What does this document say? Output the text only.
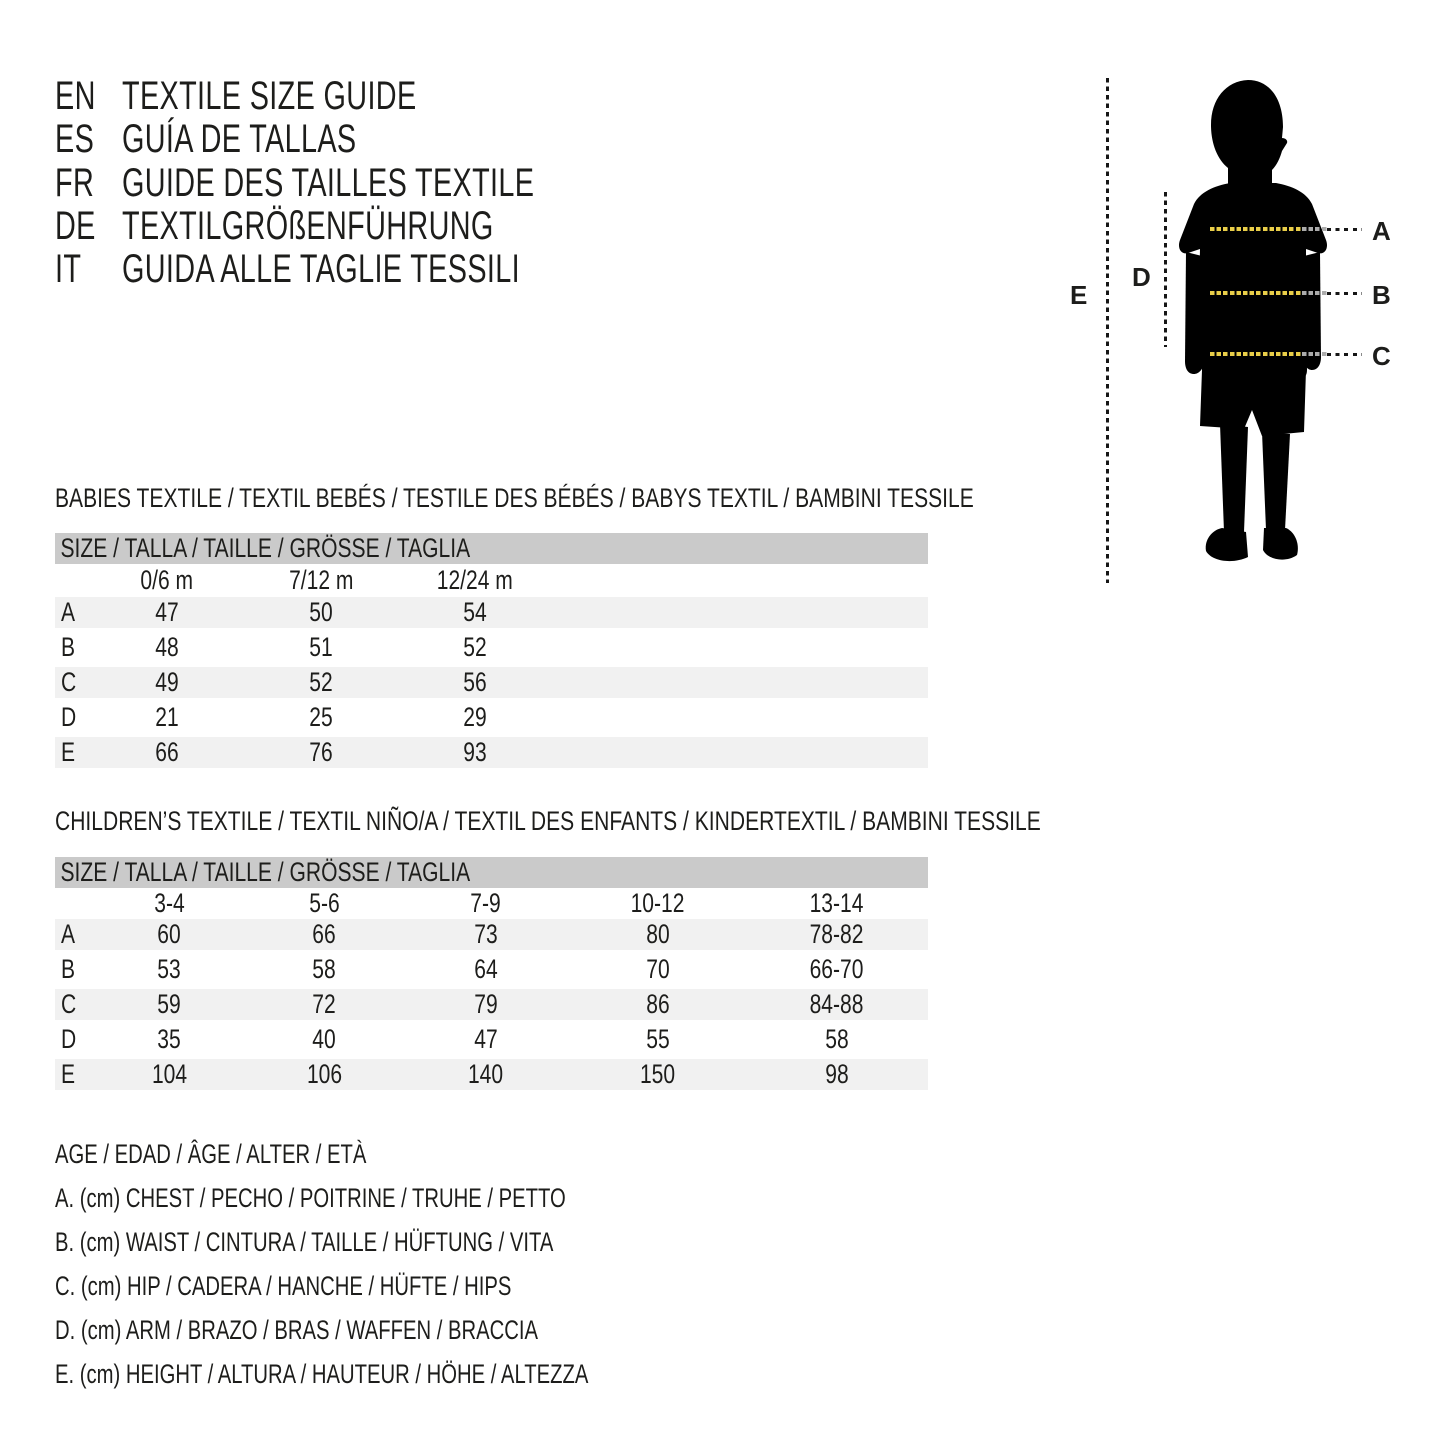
EN TEXTILE SIZE GUIDE
ES GUÍA DE TALLAS
FR GUIDE DES TAILLES TEXTILE
DE TEXTILGRÖßENFÜHRUNG
IT	GUIDA ALLE TAGLIE TESSILI
E
D
A
B
C
BABIES TEXTILE / TEXTIL BEBÉS / TESTILE DES BÉBÉS / BABYS TEXTIL / BAMBINI TESSILE
SIZE / TALLA / TAILLE / GRÖSSE / TAGLIA
	0/6 m	7/12 m	12/24 m	
A	47	50	54	
B	48	51	52	
C	49	52	56	
D	21	25	29	
E	66	76	93	
CHILDREN’S TEXTILE / TEXTIL NIÑO/A / TEXTIL DES ENFANTS / KINDERTEXTIL / BAMBINI TESSILE
SIZE / TALLA / TAILLE / GRÖSSE / TAGLIA
	3-4	5-6	7-9	10-12	13-14
A	60	66	73	80	78-82
B	53	58	64	70	66-70
C	59	72	79	86	84-88
D	35	40	47	55	58
E	104	106	140	150	98
AGE / EDAD / ÂGE / ALTER / ETÀ
A. (cm) CHEST / PECHO / POITRINE / TRUHE / PETTO
B. (cm) WAIST / CINTURA / TAILLE / HÜFTUNG / VITA
C. (cm) HIP / CADERA / HANCHE / HÜFTE / HIPS
D. (cm) ARM / BRAZO / BRAS / WAFFEN / BRACCIA
E. (cm) HEIGHT / ALTURA / HAUTEUR / HÖHE / ALTEZZA
